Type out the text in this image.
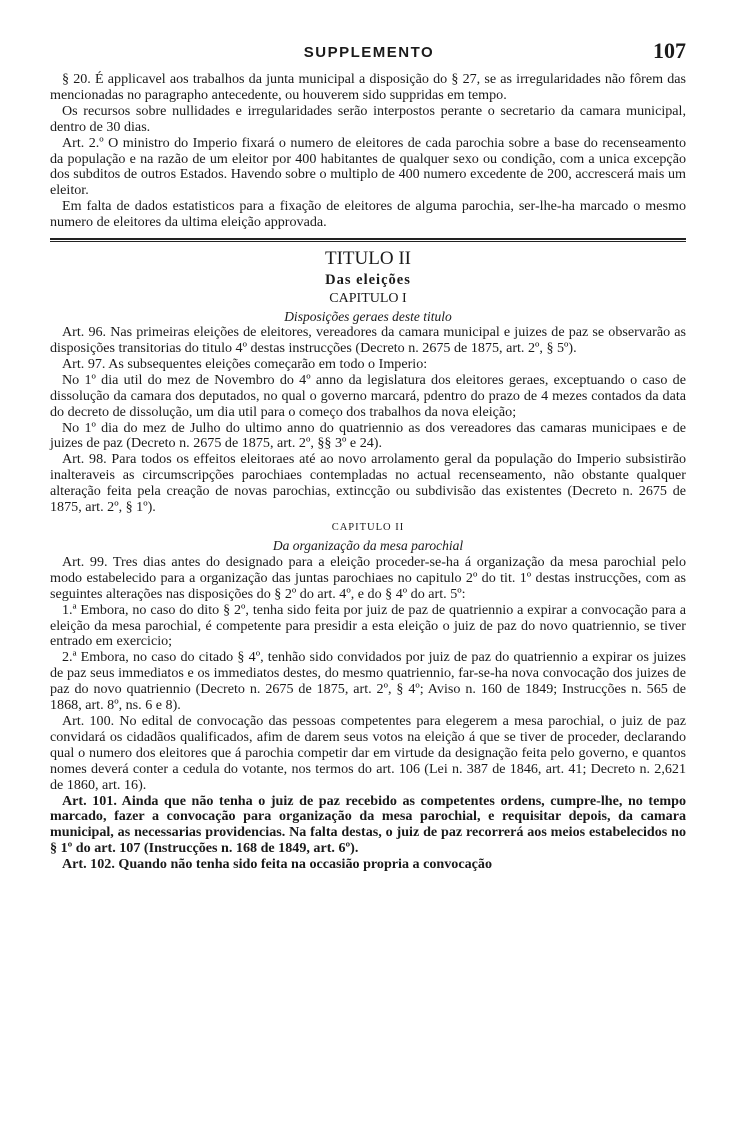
SUPPLEMENTO	107

§ 20. É applicavel aos trabalhos da junta municipal a disposição do § 27, se as irregularidades não fôrem das mencionadas no paragrapho antecedente, ou houverem sido suppridas em tempo.

Os recursos sobre nullidades e irregularidades serão interpostos perante o secretario da camara municipal, dentro de 30 dias.

Art. 2.º O ministro do Imperio fixará o numero de eleitores de cada parochia sobre a base do recenseamento da população e na razão de um eleitor por 400 habitantes de qualquer sexo ou condição, com a unica excepção dos subditos de outros Estados. Havendo sobre o multiplo de 400 numero excedente de 200, accrescerá mais um eleitor.

Em falta de dados estatisticos para a fixação de eleitores de alguma parochia, ser-lhe-ha marcado o mesmo numero de eleitores da ultima eleição approvada.

TITULO II

Das eleições

CAPITULO I

Disposições geraes deste titulo

Art. 96. Nas primeiras eleições de eleitores, vereadores da camara municipal e juizes de paz se observarão as disposições transitorias do titulo 4º destas instrucções (Decreto n. 2675 de 1875, art. 2º, § 5º).

Art. 97. As subsequentes eleições começarão em todo o Imperio:

No 1º dia util do mez de Novembro do 4º anno da legislatura dos eleitores geraes, exceptuando o caso de dissolução da camara dos deputados, no qual o governo marcará, pdentro do prazo de 4 mezes contados da data do decreto de dissolução, um dia util para o começo dos trabalhos da nova eleição;

No 1º dia do mez de Julho do ultimo anno do quatriennio as dos vereadores das camaras municipaes e de juizes de paz (Decreto n. 2675 de 1875, art. 2º, §§ 3º e 24).

Art. 98. Para todos os effeitos eleitoraes até ao novo arrolamento geral da população do Imperio subsistirão inalteraveis as circumscripções parochiaes contempladas no actual recenseamento, não obstante qualquer alteração feita pela creação de novas parochias, extincção ou subdivisão das existentes (Decreto n. 2675 de 1875, art. 2º, § 1º).

CAPITULO II

Da organização da mesa parochial

Art. 99. Tres dias antes do designado para a eleição proceder-se-ha á organização da mesa parochial pelo modo estabelecido para a organização das juntas parochiaes no capitulo 2º do tit. 1º destas instrucções, com as seguintes alterações nas disposições do § 2º do art. 4º, e do § 4º do art. 5º:

1.ª Embora, no caso do dito § 2º, tenha sido feita por juiz de paz de quatriennio a expirar a convocação para a eleição da mesa parochial, é competente para presidir a esta eleição o juiz de paz do novo quatriennio, se tiver entrado em exercicio;

2.ª Embora, no caso do citado § 4º, tenhão sido convidados por juiz de paz do quatriennio a expirar os juizes de paz seus immediatos e os immediatos destes, do mesmo quatriennio, far-se-ha nova convocação dos juizes de paz do novo quatriennio (Decreto n. 2675 de 1875, art. 2º, § 4º; Aviso n. 160 de 1849; Instrucções n. 565 de 1868, art. 8º, ns. 6 e 8).

Art. 100. No edital de convocação das pessoas competentes para elegerem a mesa parochial, o juiz de paz convidará os cidadãos qualificados, afim de darem seus votos na eleição á que se tiver de proceder, declarando qual o numero dos eleitores que á parochia competir dar em virtude da designação feita pelo governo, e quantos nomes deverá conter a cedula do votante, nos termos do art. 106 (Lei n. 387 de 1846, art. 41; Decreto n. 2,621 de 1860, art. 16).

Art. 101. Ainda que não tenha o juiz de paz recebido as competentes ordens, cumpre-lhe, no tempo marcado, fazer a convocação para organização da mesa parochial, e requisitar depois, da camara municipal, as necessarias providencias. Na falta destas, o juiz de paz recorrerá aos meios estabelecidos no § 1º do art. 107 (Instrucções n. 168 de 1849, art. 6º).

Art. 102. Quando não tenha sido feita na occasião propria a convocação
